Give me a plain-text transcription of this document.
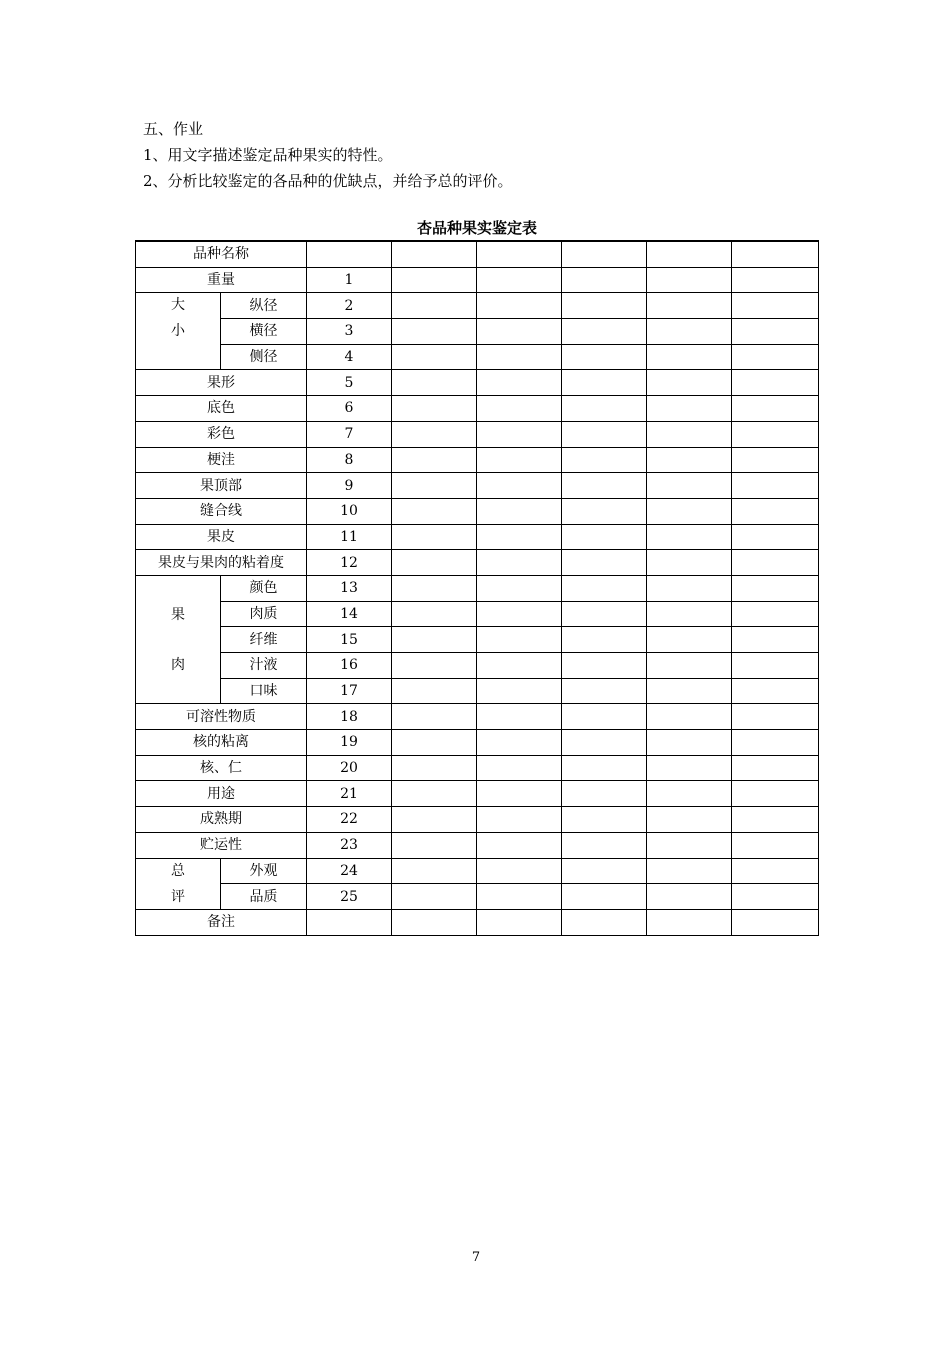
五、作业
1、用文字描述鉴定品种果实的特性。
2、分析比较鉴定的各品种的优缺点，并给予总的评价。
杏品种果实鉴定表
品种名称							
重量		1					

大
小	纵径	2					
	横径	3					
	侧径	4					
果形		5					
底色		6					
彩色		7					
梗洼		8					
果顶部		9					
缝合线		10					
果皮		11					
果皮与果肉的粘着度		12					

果
肉	颜色	13					
	肉质	14					
	纤维	15					
	汁液	16					
	口味	17					
可溶性物质		18					
核的粘离		19					
核、仁		20					
用途		21					
成熟期		22					
贮运性		23					

总
评	外观	24					
	品质	25					
备注							
7
